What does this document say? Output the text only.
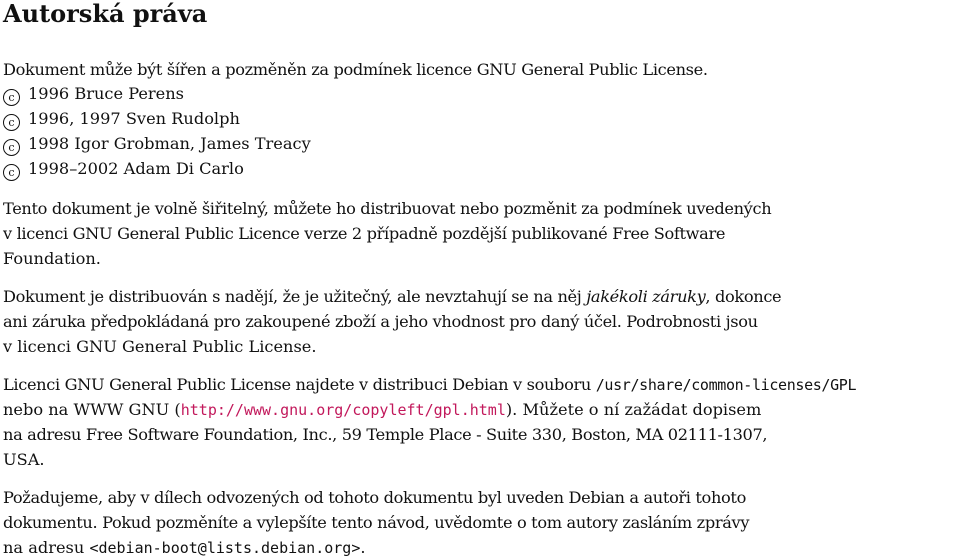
Autorská práva
Dokument může být šířen a pozměněn za podmínek licence GNU General Public License.
c 1996 Bruce Perens
c 1996, 1997 Sven Rudolph
c 1998 Igor Grobman, James Treacy
c 1998–2002 Adam Di Carlo
Tento dokument je volně šiřitelný, můžete ho distribuovat nebo pozměnit za podmínek uvedených
v licenci GNU General Public Licence verze 2 případně pozdější publikované Free Software
Foundation.
Dokument je distribuován s nadějí, že je užitečný, ale nevztahují se na něj jakékoli záruky, dokonce
ani záruka předpokládaná pro zakoupené zboží a jeho vhodnost pro daný účel. Podrobnosti jsou
v licenci GNU General Public License.
Licenci GNU General Public License najdete v distribuci Debian v souboru /usr/share/common-licenses/GPL
nebo na WWW GNU (http://www.gnu.org/copyleft/gpl.html). Můžete o ní zažádat dopisem
na adresu Free Software Foundation, Inc., 59 Temple Place - Suite 330, Boston, MA 02111-1307,
USA.
Požadujeme, aby v dílech odvozených od tohoto dokumentu byl uveden Debian a autoři tohoto
dokumentu. Pokud pozměníte a vylepšíte tento návod, uvědomte o tom autory zasláním zprávy
na adresu <debian-boot@lists.debian.org>.
